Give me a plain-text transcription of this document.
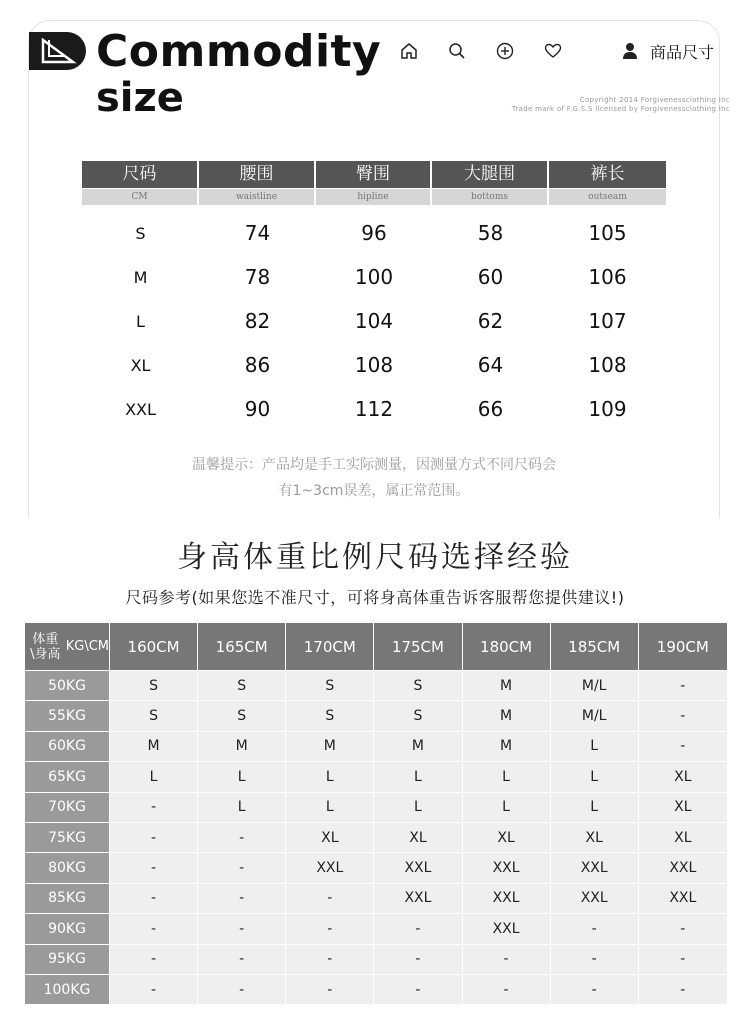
Commodity
size
商品尺寸
Copyright 2014 Forgivenessclothing Inc
Trade mark of F.G.S.S licensed by Forgivenessclothing Inc
尺码	腰围	臀围	大腿围	裤长
CM	waistline	hipline	bottoms	outseam
S	74	96	58	105
M	78	100	60	106
L	82	104	62	107
XL	86	108	64	108
XXL	90	112	66	109
温馨提示：产品均是手工实际测量，因测量方式不同尺码会
有1~3cm误差，属正常范围。
身高体重比例尺码选择经验
尺码参考(如果您选不准尺寸，可将身高体重告诉客服帮您提供建议!)
体重\身高 KG\CM	160CM	165CM	170CM	175CM	180CM	185CM	190CM
50KG	S	S	S	S	M	M/L	-
55KG	S	S	S	S	M	M/L	-
60KG	M	M	M	M	M	L	-
65KG	L	L	L	L	L	L	XL
70KG	-	L	L	L	L	L	XL
75KG	-	-	XL	XL	XL	XL	XL
80KG	-	-	XXL	XXL	XXL	XXL	XXL
85KG	-	-	-	XXL	XXL	XXL	XXL
90KG	-	-	-	-	XXL	-	-
95KG	-	-	-	-	-	-	-
100KG	-	-	-	-	-	-	-
